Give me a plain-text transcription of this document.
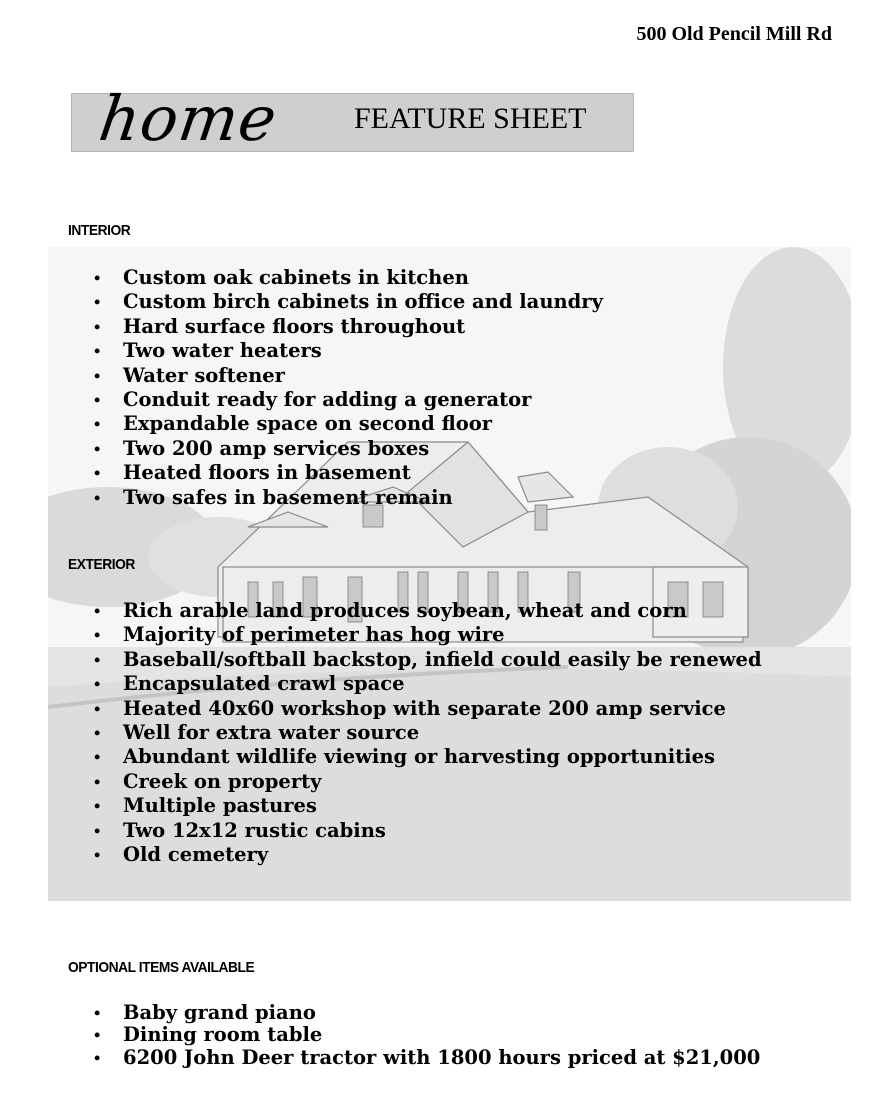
500 Old Pencil Mill Rd
home FEATURE SHEET
INTERIOR
• Custom oak cabinets in kitchen
• Custom birch cabinets in office and laundry
• Hard surface floors throughout
• Two water heaters
• Water softener
• Conduit ready for adding a generator
• Expandable space on second floor
• Two 200 amp services boxes
• Heated floors in basement
• Two safes in basement remain
EXTERIOR
• Rich arable land produces soybean, wheat and corn
• Majority of perimeter has hog wire
• Baseball/softball backstop, infield could easily be renewed
• Encapsulated crawl space
• Heated 40x60 workshop with separate 200 amp service
• Well for extra water source
• Abundant wildlife viewing or harvesting opportunities
• Creek on property
• Multiple pastures
• Two 12x12 rustic cabins
• Old cemetery
OPTIONAL ITEMS AVAILABLE
• Baby grand piano
• Dining room table
• 6200 John Deer tractor with 1800 hours priced at $21,000
